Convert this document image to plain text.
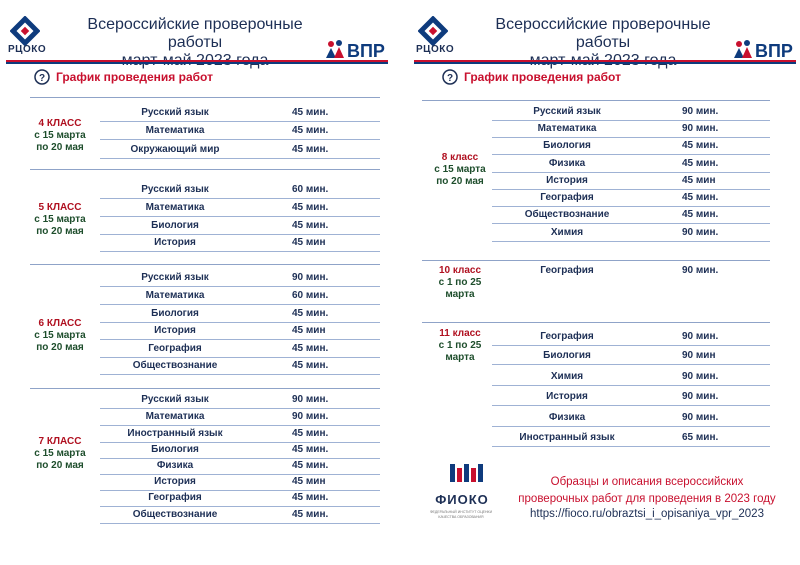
РЦОКО
Всероссийские проверочные работы	ВПР
? График проведения работ
4 КЛАСС
с 15 марта
по 20 мая
Русский язык	45 мин.
Математика	45 мин.
Окружающий мир	45 мин.
5 КЛАСС
с 15 марта
по 20 мая
Русский язык	60 мин.
Математика	45 мин.
Биология	45 мин.
История	45 мин
6 КЛАСС
с 15 марта
по 20 мая
Русский язык	90 мин.
Математика	60 мин.
Биология	45 мин.
История	45 мин
География	45 мин.
Обществознание	45 мин.
7 КЛАСС
с 15 марта
по 20 мая
Русский язык	90 мин.
Математика	90 мин.
Иностранный язык	45 мин.
Биология	45 мин.
Физика	45 мин.
История	45 мин
География	45 мин.
Обществознание	45 мин.
РЦОКО
Всероссийские проверочные работы	ВПР
? График проведения работ
8 класс
с 15 марта
по 20 мая
Русский язык	90 мин.
Математика	90 мин.
Биология	45 мин.
Физика	45 мин.
История	45 мин
География	45 мин.
Обществознание	45 мин.
Химия	90 мин.
10 класс
с 1 по 25
марта
География	90 мин.
11 класс
с 1 по 25
марта
География	90 мин.
Биология	90 мин
Химия	90 мин.
История	90 мин.
Физика	90 мин.
Иностранный язык	65 мин.
ФИОКО
ФЕДЕРАЛЬНЫЙ ИНСТИТУТ ОЦЕНКИ КАЧЕСТВА ОБРАЗОВАНИЯ
Образцы и описания всероссийских
проверочных работ для проведения в 2023 году
https://fioco.ru/obraztsi_i_opisaniya_vpr_2023
